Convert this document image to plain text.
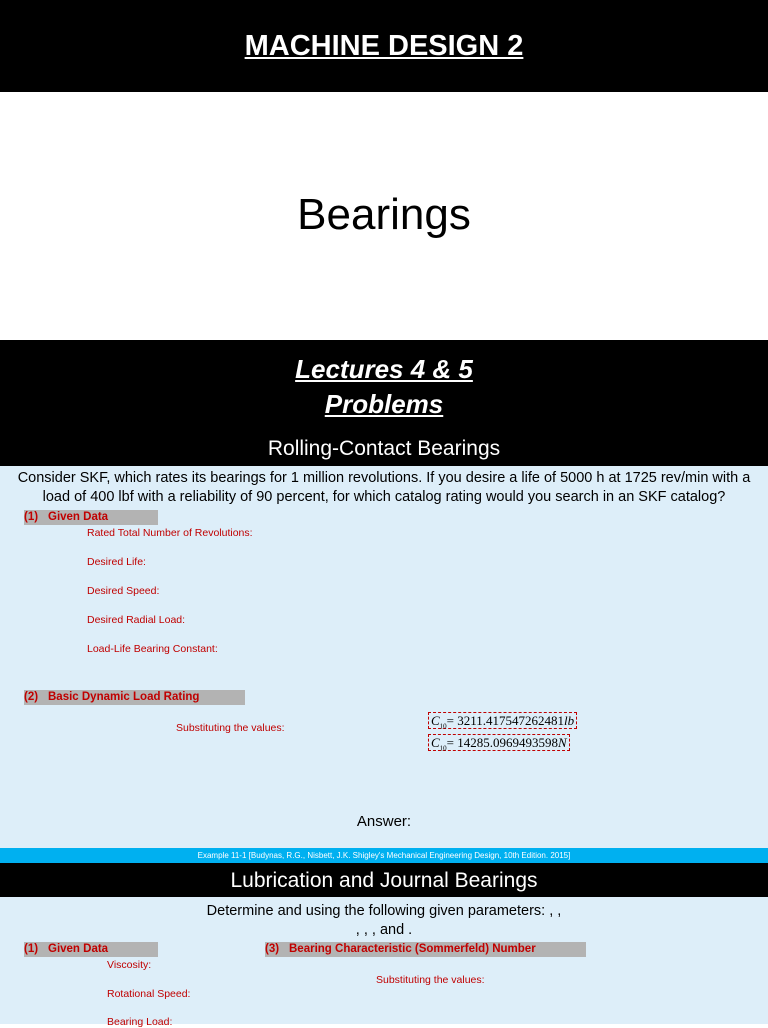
MACHINE DESIGN 2
Bearings
Lectures 4 & 5
Problems
Rolling-Contact Bearings
Consider SKF, which rates its bearings for 1 million revolutions. If you desire a life of 5000 h at 1725 rev/min with a load of 400 lbf with a reliability of 90 percent, for which catalog rating would you search in an SKF catalog?
(1) Given Data
Rated Total Number of Revolutions:
Desired Life:
Desired Speed:
Desired Radial Load:
Load-Life Bearing Constant:
(2) Basic Dynamic Load Rating
Substituting the values:	$C_{10}= 3211.417547262481lb$
$C_{10}= 14285.0969493598N$
Answer:
Example 11-1 [Budynas, R.G., Nisbett, J.K. Shigley's Mechanical Engineering Design, 10th Edition. 2015]
Lubrication and Journal Bearings
Determine and using the following given parameters: , ,
, , , and .
(1) Given Data	(3) Bearing Characteristic (Sommerfeld) Number
Viscosity:
Rotational Speed:
Bearing Load:
Substituting the values:
